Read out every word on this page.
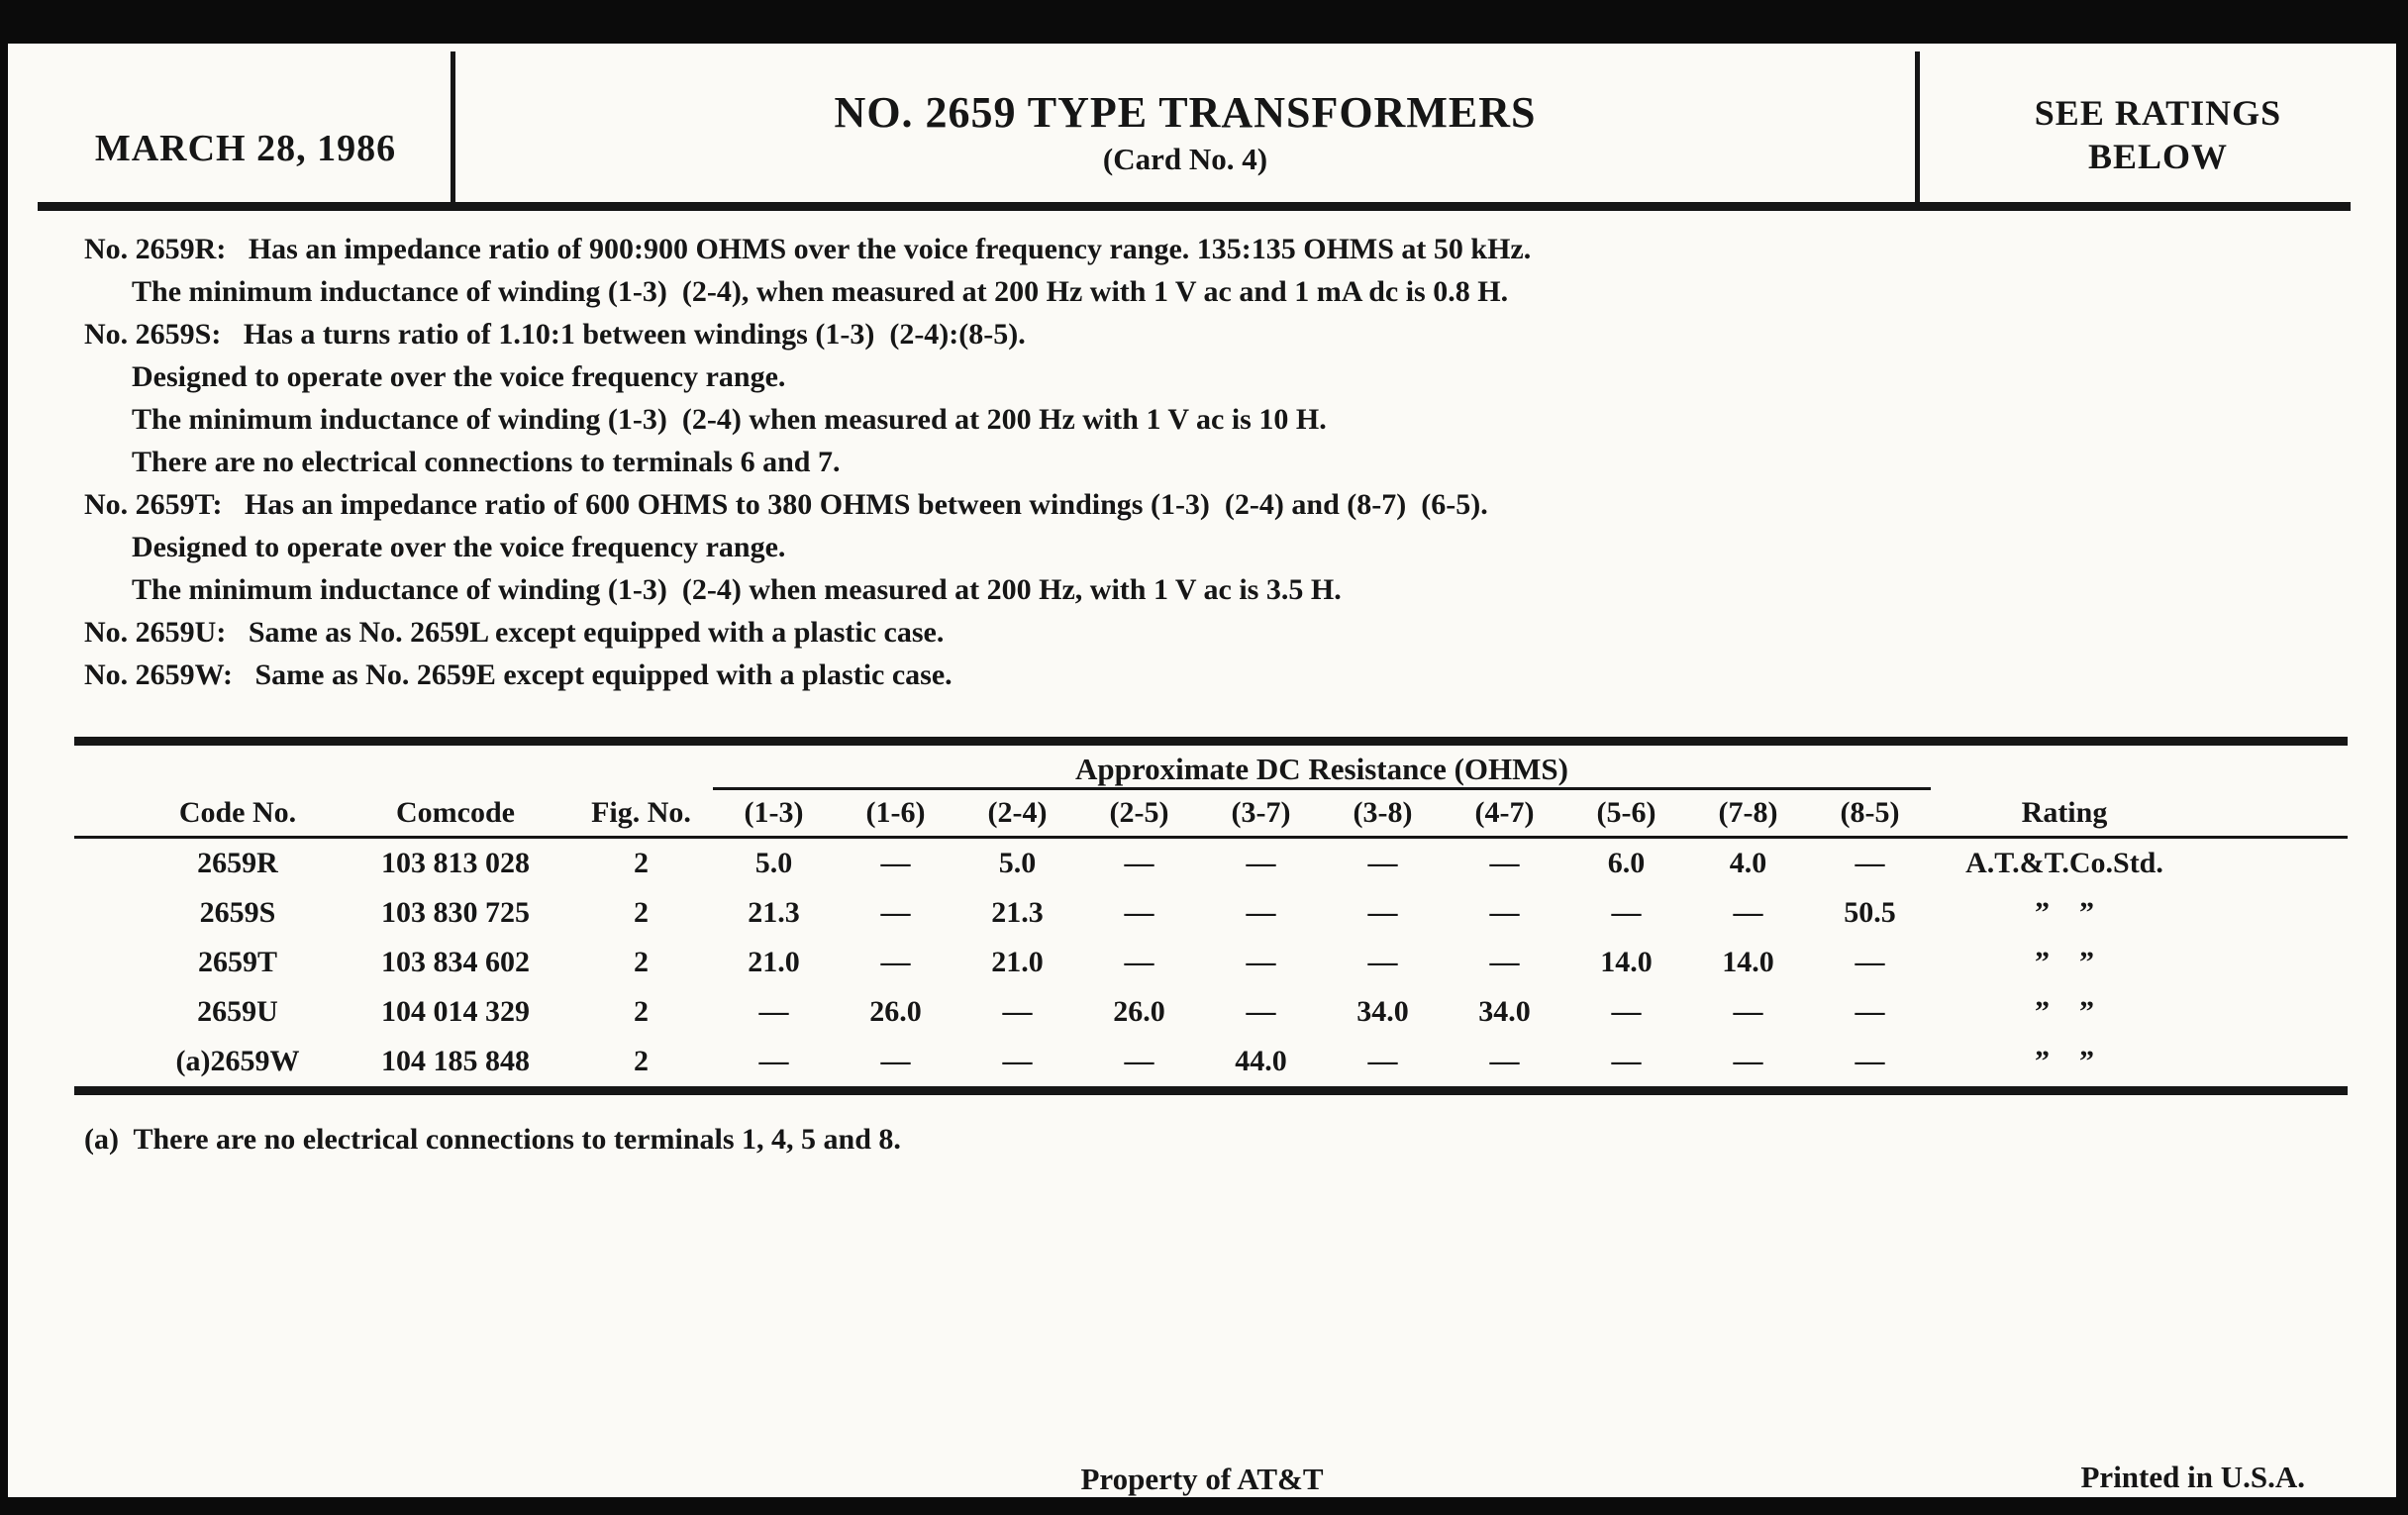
MARCH 28, 1986
NO. 2659 TYPE TRANSFORMERS
(Card No. 4)
SEE RATINGS
BELOW
No. 2659R:   Has an impedance ratio of 900:900 OHMS over the voice frequency range. 135:135 OHMS at 50 kHz.
The minimum inductance of winding (1-3)  (2-4), when measured at 200 Hz with 1 V ac and 1 mA dc is 0.8 H.
No. 2659S:   Has a turns ratio of 1.10:1 between windings (1-3)  (2-4):(8-5).
Designed to operate over the voice frequency range.
The minimum inductance of winding (1-3)  (2-4) when measured at 200 Hz with 1 V ac is 10 H.
There are no electrical connections to terminals 6 and 7.
No. 2659T:   Has an impedance ratio of 600 OHMS to 380 OHMS between windings (1-3)  (2-4) and (8-7)  (6-5).
Designed to operate over the voice frequency range.
The minimum inductance of winding (1-3)  (2-4) when measured at 200 Hz, with 1 V ac is 3.5 H.
No. 2659U:   Same as No. 2659L except equipped with a plastic case.
No. 2659W:   Same as No. 2659E except equipped with a plastic case.
Approximate DC Resistance (OHMS)
Code No.	Comcode	Fig. No.	(1-3)	(1-6)	(2-4)	(2-5)	(3-7)	(3-8)	(4-7)	(5-6)	(7-8)	(8-5)	Rating
2659R	103 813 028	2	5.0	—	5.0	—	—	—	—	6.0	4.0	—	A.T.&T.Co.Std.
2659S	103 830 725	2	21.3	—	21.3	—	—	—	—	—	—	50.5	”    ”
2659T	103 834 602	2	21.0	—	21.0	—	—	—	—	14.0	14.0	—	”    ”
2659U	104 014 329	2	—	26.0	—	26.0	—	34.0	34.0	—	—	—	”    ”
(a)2659W	104 185 848	2	—	—	—	—	44.0	—	—	—	—	—	”    ”
(a)  There are no electrical connections to terminals 1, 4, 5 and 8.
Property of AT&T	Printed in U.S.A.
